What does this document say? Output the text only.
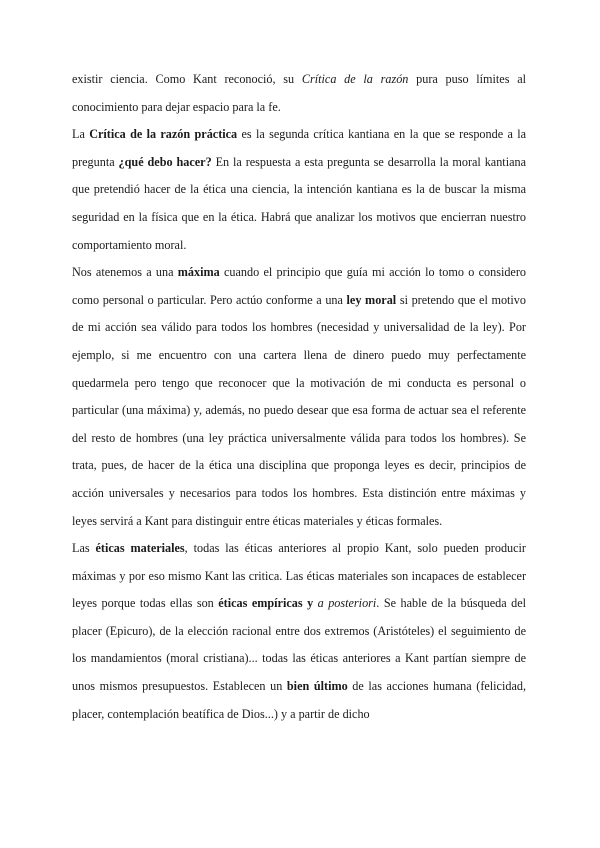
existir ciencia. Como Kant reconoció, su Crítica de la razón pura puso límites al conocimiento para dejar espacio para la fe.

La Crítica de la razón práctica es la segunda crítica kantiana en la que se responde a la pregunta ¿qué debo hacer? En la respuesta a esta pregunta se desarrolla la moral kantiana que pretendió hacer de la ética una ciencia, la intención kantiana es la de buscar la misma seguridad en la física que en la ética. Habrá que analizar los motivos que encierran nuestro comportamiento moral.

Nos atenemos a una máxima cuando el principio que guía mi acción lo tomo o considero como personal o particular. Pero actúo conforme a una ley moral si pretendo que el motivo de mi acción sea válido para todos los hombres (necesidad y universalidad de la ley). Por ejemplo, si me encuentro con una cartera llena de dinero puedo muy perfectamente quedarmela pero tengo que reconocer que la motivación de mi conducta es personal o particular (una máxima) y, además, no puedo desear que esa forma de actuar sea el referente del resto de hombres (una ley práctica universalmente válida para todos los hombres). Se trata, pues, de hacer de la ética una disciplina que proponga leyes es decir, principios de acción universales y necesarios para todos los hombres. Esta distinción entre máximas y leyes servirá a Kant para distinguir entre éticas materiales y éticas formales.

Las éticas materiales, todas las éticas anteriores al propio Kant, solo pueden producir máximas y por eso mismo Kant las critica. Las éticas materiales son incapaces de establecer leyes porque todas ellas son éticas empíricas y a posteriori. Se hable de la búsqueda del placer (Epicuro), de la elección racional entre dos extremos (Aristóteles) el seguimiento de los mandamientos (moral cristiana)... todas las éticas anteriores a Kant partían siempre de unos mismos presupuestos. Establecen un bien último de las acciones humana (felicidad, placer, contemplación beatífica de Dios...) y a partir de dicho
